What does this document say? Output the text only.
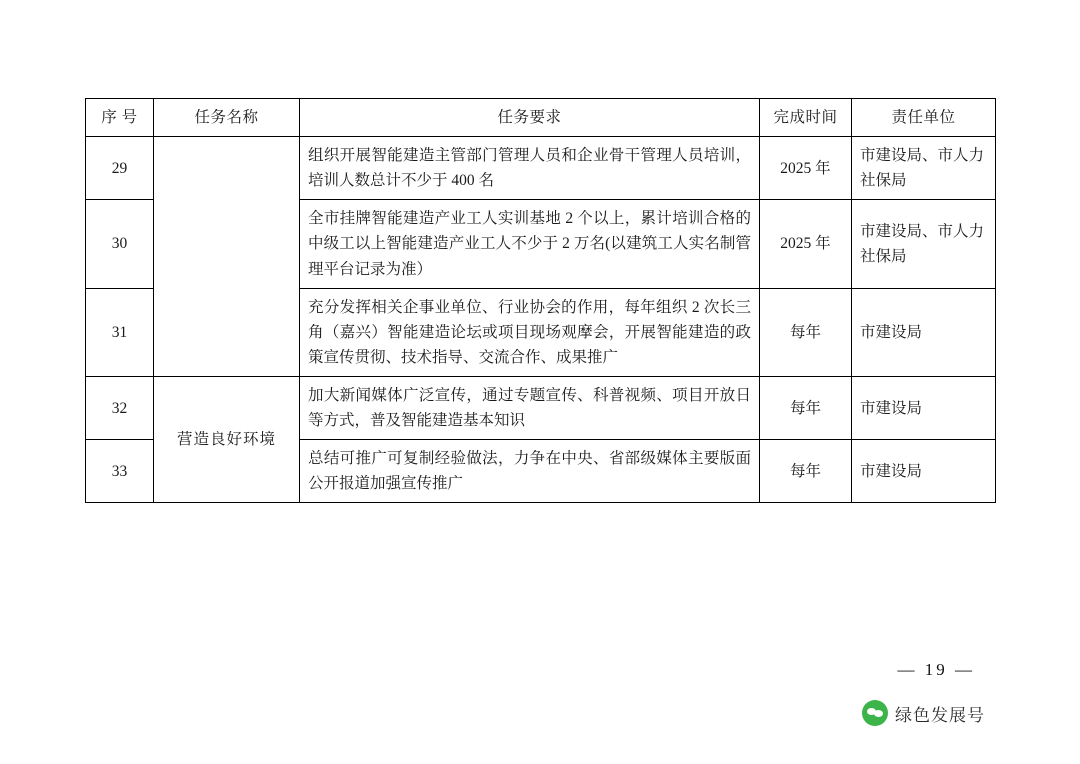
序 号	任务名称	任务要求	完成时间	责任单位
29		组织开展智能建造主管部门管理人员和企业骨干管理人员培训，培训人数总计不少于 400 名	2025 年	市建设局、市人力社保局
30		全市挂牌智能建造产业工人实训基地 2 个以上，累计培训合格的中级工以上智能建造产业工人不少于 2 万名(以建筑工人实名制管理平台记录为准）	2025 年	市建设局、市人力社保局
31		充分发挥相关企事业单位、行业协会的作用，每年组织 2 次长三角（嘉兴）智能建造论坛或项目现场观摩会，开展智能建造的政策宣传贯彻、技术指导、交流合作、成果推广	每年	市建设局
32	营造良好环境	加大新闻媒体广泛宣传，通过专题宣传、科普视频、项目开放日等方式，普及智能建造基本知识	每年	市建设局
33		总结可推广可复制经验做法，力争在中央、省部级媒体主要版面公开报道加强宣传推广	每年	市建设局
— 19 —
绿色发展号
